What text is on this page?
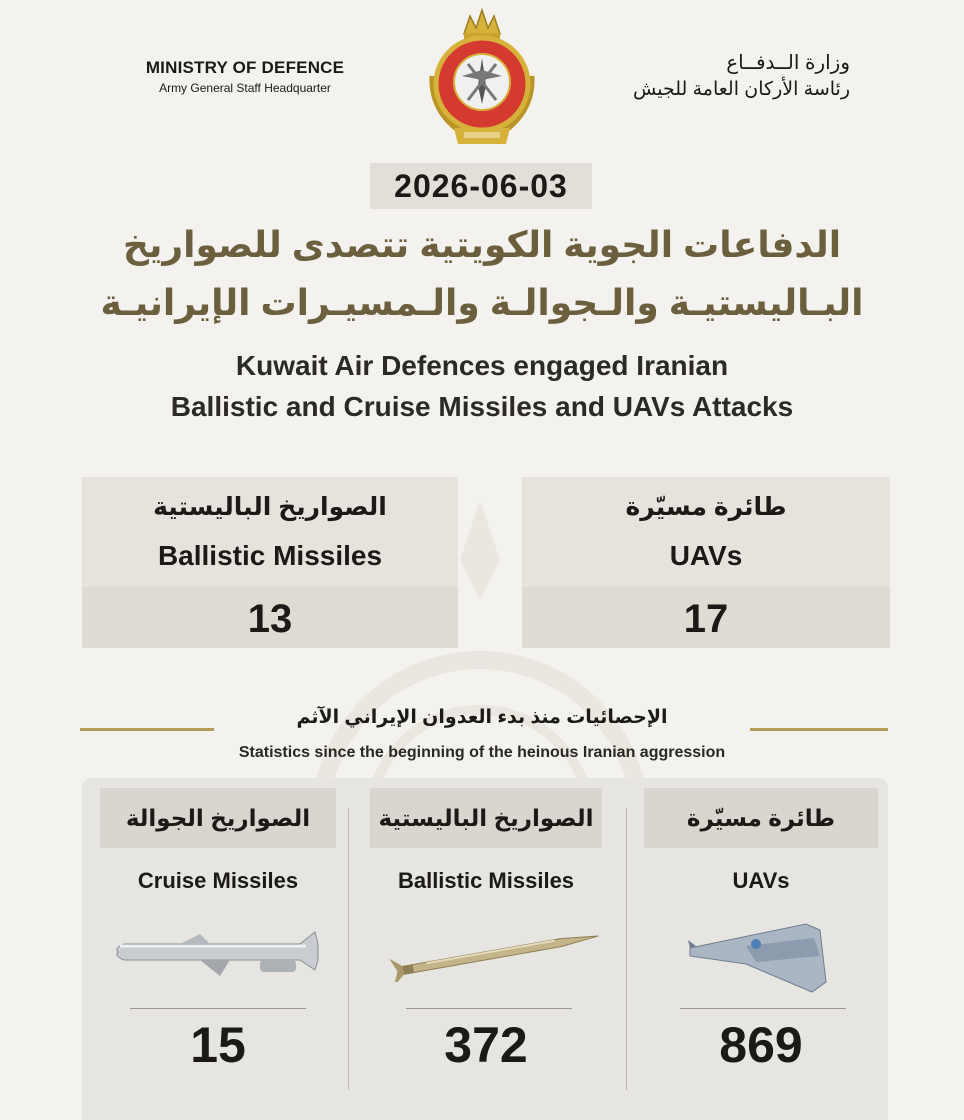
MINISTRY OF DEFENCE
Army General Staff Headquarter
وزارة الــدفــاع
رئاسة الأركان العامة للجيش
2026-06-03
الدفاعات الجوية الكويتية تتصدى للصواريخ
البـاليستيـة والـجوالـة والـمسيـرات الإيرانيـة
Kuwait Air Defences engaged Iranian
Ballistic and Cruise Missiles and UAVs Attacks
الصواريخ الباليستية
Ballistic Missiles
13
طائرة مسيّرة
UAVs
17
الإحصائيات منذ بدء العدوان الإيراني الآثم
Statistics since the beginning of the heinous Iranian aggression
الصواريخ الجوالة
Cruise Missiles
15
الصواريخ الباليستية
Ballistic Missiles
372
طائرة مسيّرة
UAVs
869
